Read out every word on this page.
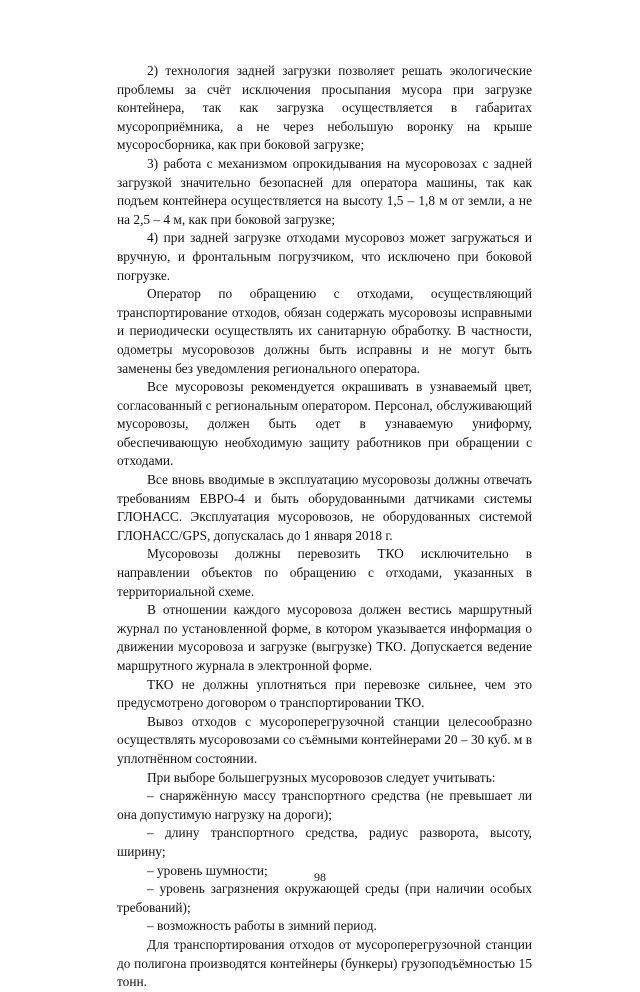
2) технология задней загрузки позволяет решать экологические проблемы за счёт исключения просыпания мусора при загрузке контейнера, так как загрузка осуществляется в габаритах мусороприёмника, а не через небольшую воронку на крыше мусоросборника, как при боковой загрузке;

3) работа с механизмом опрокидывания на мусоровозах с задней загрузкой значительно безопасней для оператора машины, так как подъем контейнера осуществляется на высоту 1,5 – 1,8 м от земли, а не на 2,5 – 4 м, как при боковой загрузке;

4) при задней загрузке отходами мусоровоз может загружаться и вручную, и фронтальным погрузчиком, что исключено при боковой погрузке.

Оператор по обращению с отходами, осуществляющий транспортирование отходов, обязан содержать мусоровозы исправными и периодически осуществлять их санитарную обработку. В частности, одометры мусоровозов должны быть исправны и не могут быть заменены без уведомления регионального оператора.

Все мусоровозы рекомендуется окрашивать в узнаваемый цвет, согласованный с региональным оператором. Персонал, обслуживающий мусоровозы, должен быть одет в узнаваемую униформу, обеспечивающую необходимую защиту работников при обращении с отходами.

Все вновь вводимые в эксплуатацию мусоровозы должны отвечать требованиям ЕВРО-4 и быть оборудованными датчиками системы ГЛОНАСС. Эксплуатация мусоровозов, не оборудованных системой ГЛОНАСС/GPS, допускалась до 1 января 2018 г.

Мусоровозы должны перевозить ТКО исключительно в направлении объектов по обращению с отходами, указанных в территориальной схеме.

В отношении каждого мусоровоза должен вестись маршрутный журнал по установленной форме, в котором указывается информация о движении мусоровоза и загрузке (выгрузке) ТКО. Допускается ведение маршрутного журнала в электронной форме.

ТКО не должны уплотняться при перевозке сильнее, чем это предусмотрено договором о транспортировании ТКО.

Вывоз отходов с мусороперегрузочной станции целесообразно осуществлять мусоровозами со съёмными контейнерами 20 – 30 куб. м в уплотнённом состоянии.

При выборе большегрузных мусоровозов следует учитывать:

– снаряжённую массу транспортного средства (не превышает ли она допустимую нагрузку на дороги);

– длину транспортного средства, радиус разворота, высоту, ширину;

– уровень шумности;

– уровень загрязнения окружающей среды (при наличии особых требований);

– возможность работы в зимний период.

Для транспортирования отходов от мусороперегрузочной станции до полигона производятся контейнеры (бункеры) грузоподъёмностью 15 тонн.

98
